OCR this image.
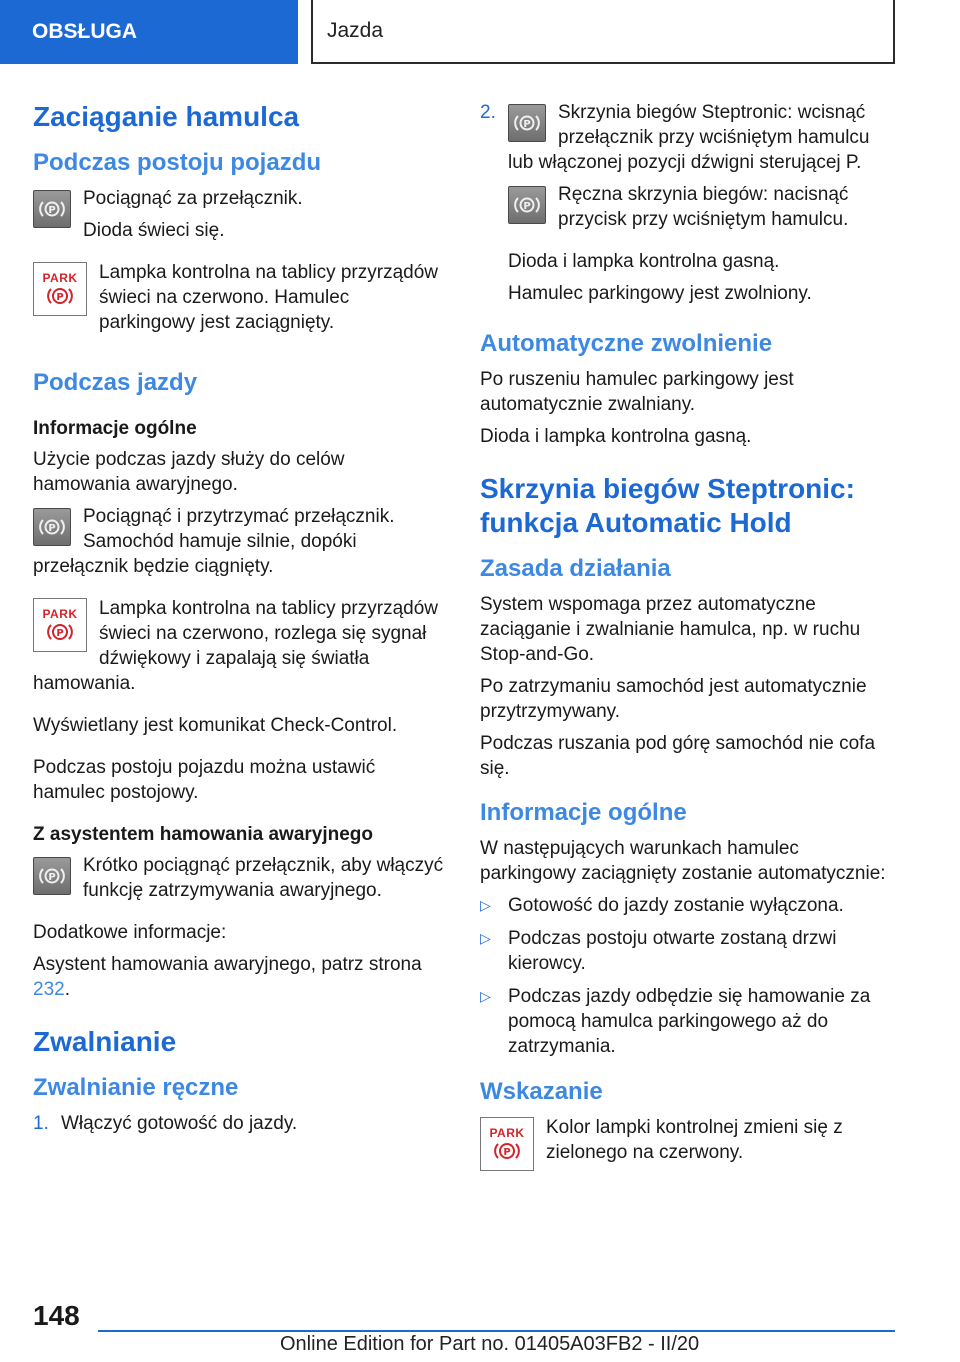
OBSŁUGA	Jazda
Zaciąganie hamulca
Podczas postoju pojazdu
P

Pociągnąć za przełącznik.

Dioda świeci się.

PARK
P

Lampka kontrolna na tablicy przyrządów świeci na czerwono. Hamulec parkingowy jest zaciągnięty.

Podczas jazdy
Informacje ogólne

Użycie podczas jazdy służy do celów hamowania awaryjnego.

P

Pociągnąć i przytrzymać przełącznik. Samochód hamuje silnie, dopóki przełącznik będzie ciągnięty.

PARK
P

Lampka kontrolna na tablicy przyrządów świeci na czerwono, rozlega się sygnał dźwiękowy i zapalają się światła hamowania.

Wyświetlany jest komunikat Check-Control.

Podczas postoju pojazdu można ustawić hamulec postojowy.

Z asystentem hamowania awaryjnego
P

Krótko pociągnąć przełącznik, aby włączyć funkcję zatrzymywania awaryjnego.

Dodatkowe informacje:

Asystent hamowania awaryjnego, patrz strona 232.

Zwalnianie
Zwalnianie ręczne
1. Włączyć gotowość do jazdy.
2.
P
Skrzynia biegów Steptronic: wcisnąć przełącznik przy wciśniętym hamulcu lub włączonej pozycji dźwigni sterującej P.
P

Ręczna skrzynia biegów: nacisnąć przycisk przy wciśniętym hamulcu.

Dioda i lampka kontrolna gasną.

Hamulec parkingowy jest zwolniony.

Automatyczne zwolnienie

Po ruszeniu hamulec parkingowy jest automatycznie zwalniany.

Dioda i lampka kontrolna gasną.

Skrzynia biegów Steptronic: funkcja Automatic Hold
Zasada działania

System wspomaga przez automatyczne zaciąganie i zwalnianie hamulca, np. w ruchu Stop-and-Go.

Po zatrzymaniu samochód jest automatycznie przytrzymywany.

Podczas ruszania pod górę samochód nie cofa się.

Informacje ogólne

W następujących warunkach hamulec parkingowy zaciągnięty zostanie automatycznie:

▷ Gotowość do jazdy zostanie wyłączona.
▷ Podczas postoju otwarte zostaną drzwi kierowcy.
▷ Podczas jazdy odbędzie się hamowanie za pomocą hamulca parkingowego aż do zatrzymania.
Wskazanie
PARK
P

Kolor lampki kontrolnej zmieni się z zielonego na czerwony.

148
Online Edition for Part no. 01405A03FB2 - II/20
